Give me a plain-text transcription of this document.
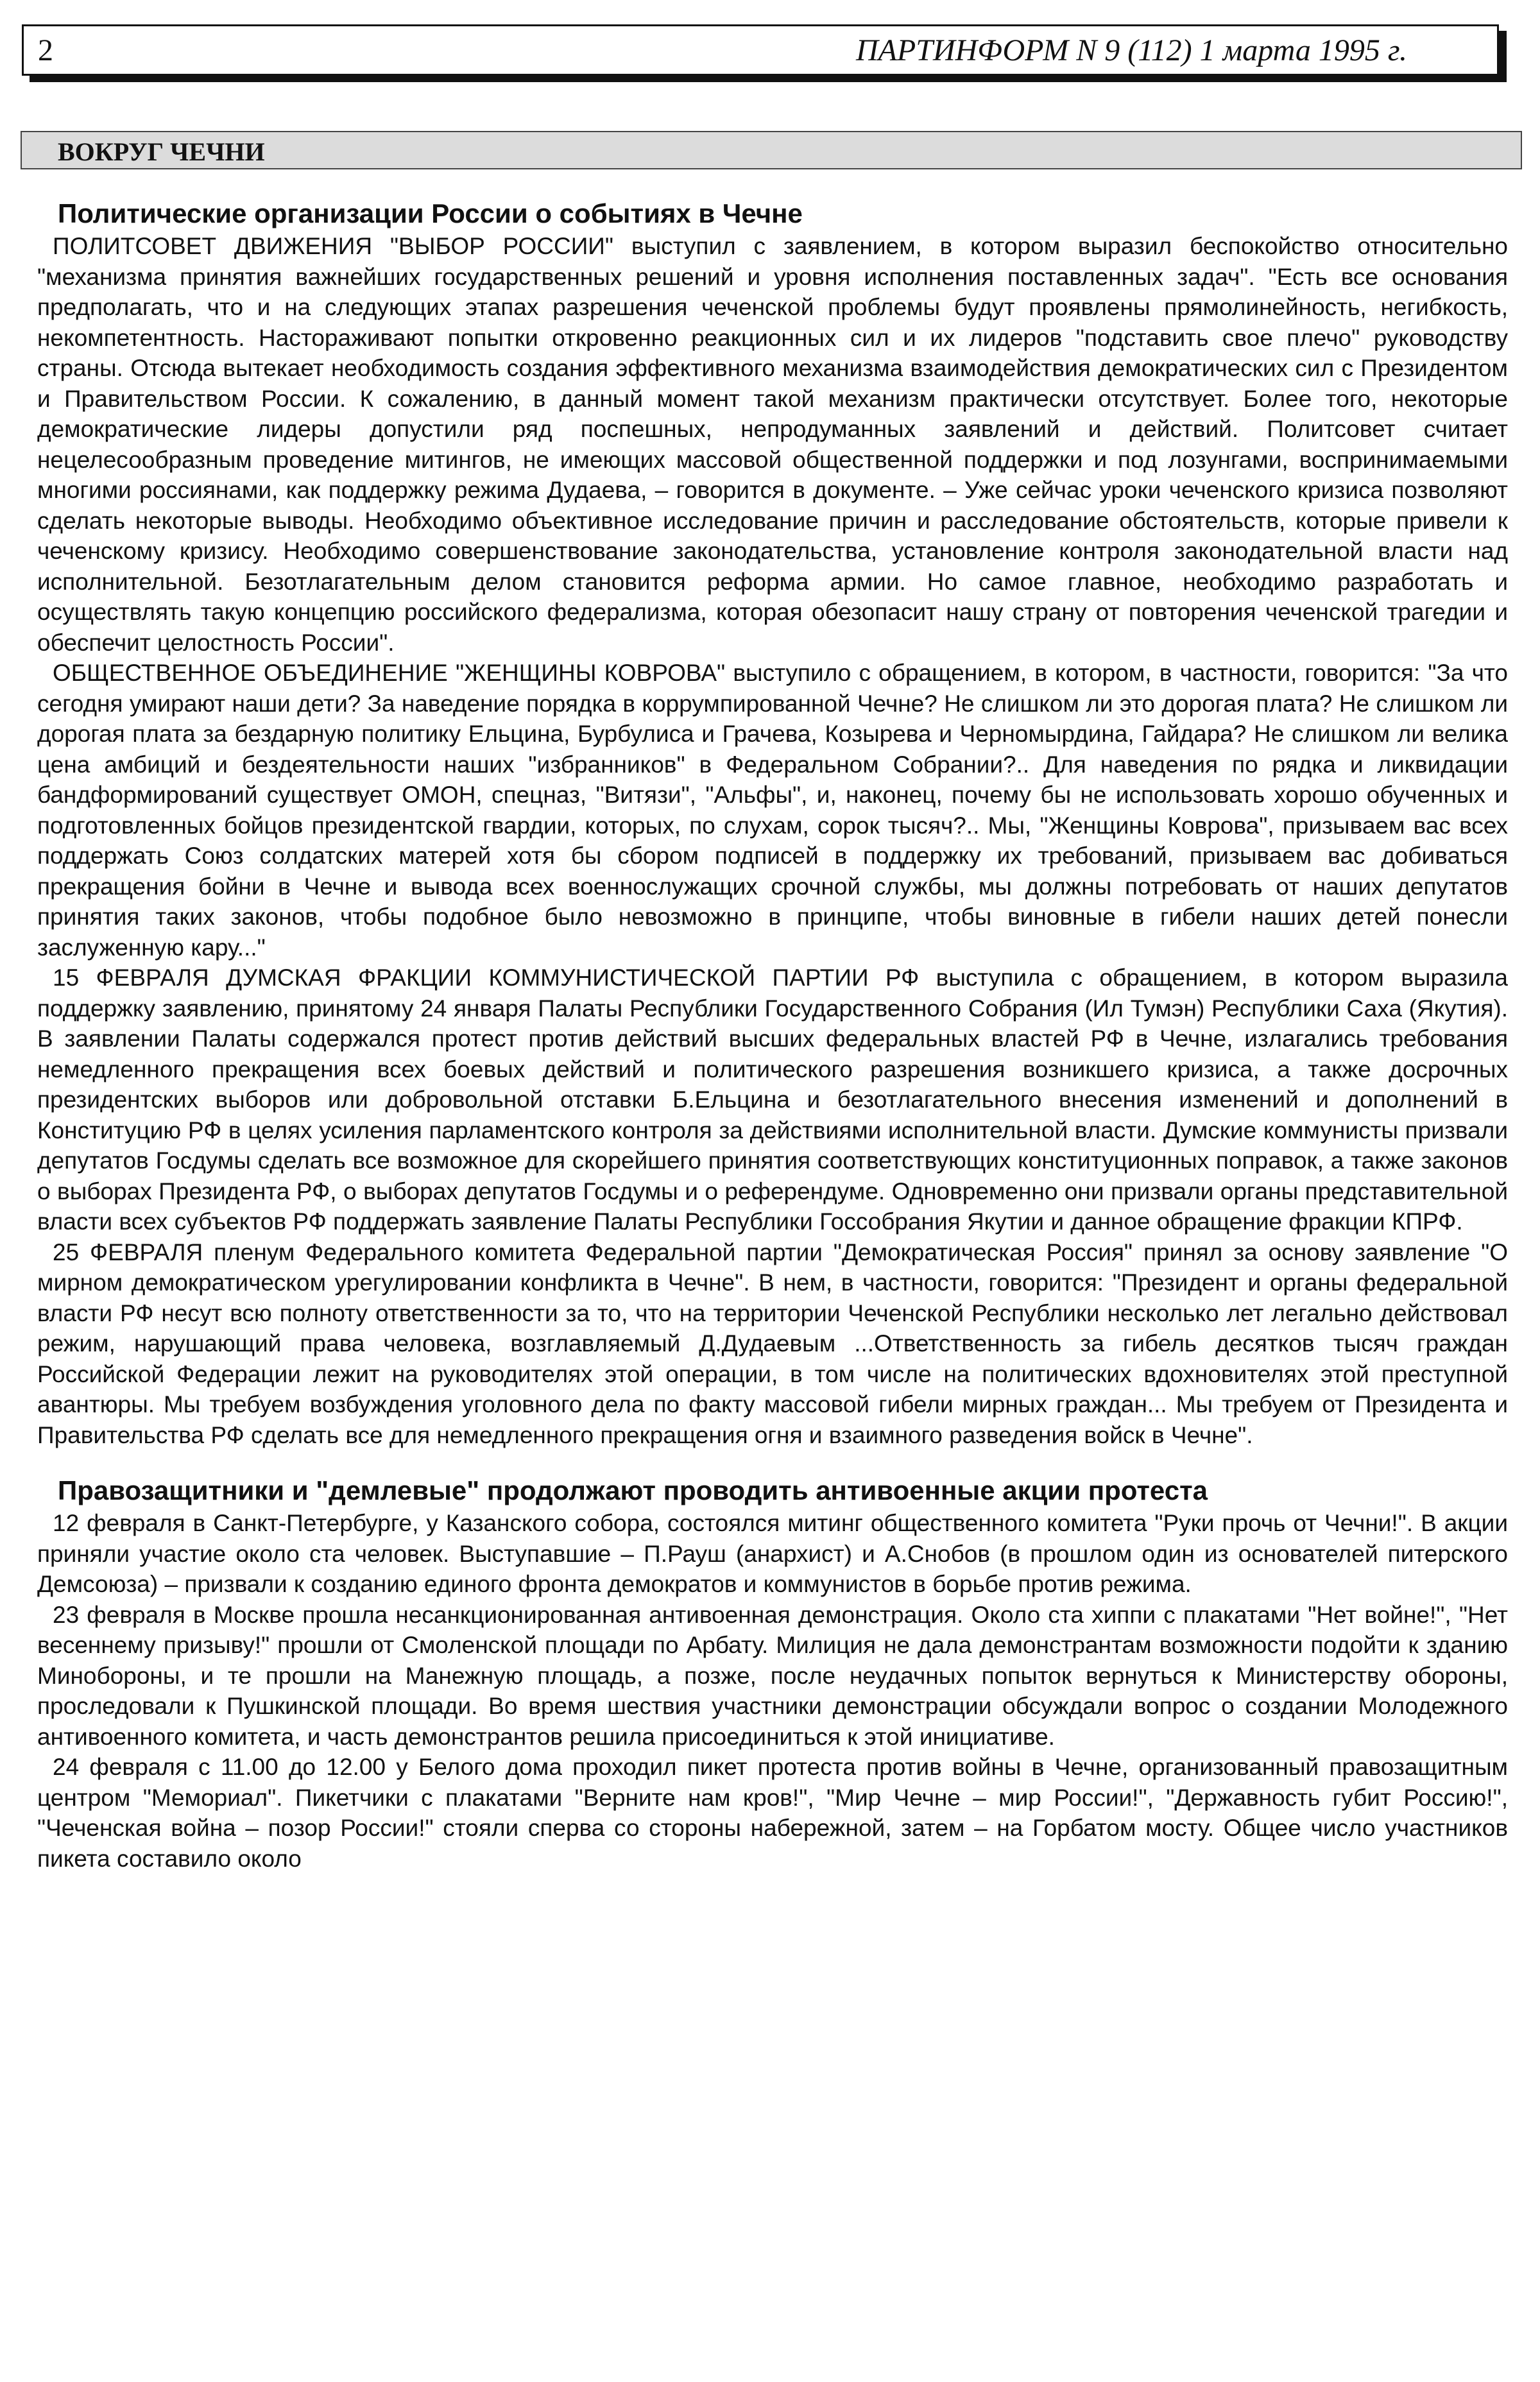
2	ПАРТИНФОРМ N 9 (112) 1 марта 1995 г.
ВОКРУГ ЧЕЧНИ
Политические организации России о событиях в Чечне

ПОЛИТСОВЕТ ДВИЖЕНИЯ "ВЫБОР РОССИИ" выступил с заявлением, в котором выразил беспокойство относительно "механизма принятия важнейших государственных решений и уровня исполнения поставленных задач". "Есть все основания предполагать, что и на следующих этапах разрешения чеченской проблемы будут проявлены прямолинейность, негибкость, некомпетентность. Настораживают попытки откровенно реакционных сил и их лидеров "подставить свое плечо" руководству страны. Отсюда вытекает необходимость создания эффективного механизма взаимодействия демократических сил с Президентом и Правительством России. К сожалению, в данный момент такой механизм практически отсутствует. Более того, некоторые демократические лидеры допустили ряд поспешных, непродуманных заявлений и действий. Политсовет считает нецелесообразным проведение митингов, не имеющих массовой общественной поддержки и под лозунгами, воспринимаемыми многими россиянами, как поддержку режима Дудаева, – говорится в документе. – Уже сейчас уроки чеченского кризиса позволяют сделать некоторые выводы. Необходимо объективное исследование причин и расследование обстоятельств, которые привели к чеченскому кризису. Необходимо совершенствование законодательства, установление контроля законодательной власти над исполнительной. Безотлагательным делом становится реформа армии. Но самое главное, необходимо разработать и осуществлять такую концепцию российского федерализма, которая обезопасит нашу страну от повторения чеченской трагедии и обеспечит целостность России".

ОБЩЕСТВЕННОЕ ОБЪЕДИНЕНИЕ "ЖЕНЩИНЫ КОВРОВА" выступило с обращением, в котором, в частности, говорится: "За что сегодня умирают наши дети? За наведение порядка в коррумпированной Чечне? Не слишком ли это дорогая плата? Не слишком ли дорогая плата за бездарную политику Ельцина, Бурбулиса и Грачева, Козырева и Черномырдина, Гайдара? Не слишком ли велика цена амбиций и бездеятельности наших "избранников" в Федеральном Собрании?.. Для наведения по рядка и ликвидации бандформирований существует ОМОН, спецназ, "Витязи", "Альфы", и, наконец, почему бы не использовать хорошо обученных и подготовленных бойцов президентской гвардии, которых, по слухам, сорок тысяч?.. Мы, "Женщины Коврова", призываем вас всех поддержать Союз солдатских матерей хотя бы сбором подписей в поддержку их требований, призываем вас добиваться прекращения бойни в Чечне и вывода всех военнослужащих срочной службы, мы должны потребовать от наших депутатов принятия таких законов, чтобы подобное было невозможно в принципе, чтобы виновные в гибели наших детей понесли заслуженную кару..."

15 ФЕВРАЛЯ ДУМСКАЯ ФРАКЦИИ КОММУНИСТИЧЕСКОЙ ПАРТИИ РФ выступила с обращением, в котором выразила поддержку заявлению, принятому 24 января Палаты Республики Государственного Собрания (Ил Тумэн) Республики Саха (Якутия). В заявлении Палаты содержался протест против действий высших федеральных властей РФ в Чечне, излагались требования немедленного прекращения всех боевых действий и политического разрешения возникшего кризиса, а также досрочных президентских выборов или добровольной отставки Б.Ельцина и безотлагательного внесения изменений и дополнений в Конституцию РФ в целях усиления парламентского контроля за действиями исполнительной власти. Думские коммунисты призвали депутатов Госдумы сделать все возможное для скорейшего принятия соответствующих конституционных поправок, а также законов о выборах Президента РФ, о выборах депутатов Госдумы и о референдуме. Одновременно они призвали органы представительной власти всех субъектов РФ поддержать заявление Палаты Республики Госсобрания Якутии и данное обращение фракции КПРФ.

25 ФЕВРАЛЯ пленум Федерального комитета Федеральной партии "Демократическая Россия" принял за основу заявление "О мирном демократическом урегулировании конфликта в Чечне". В нем, в частности, говорится: "Президент и органы федеральной власти РФ несут всю полноту ответственности за то, что на территории Чеченской Республики несколько лет легально действовал режим, нарушающий права человека, возглавляемый Д.Дудаевым ...Ответственность за гибель десятков тысяч граждан Российской Федерации лежит на руководителях этой операции, в том числе на политических вдохновителях этой преступной авантюры. Мы требуем возбуждения уголовного дела по факту массовой гибели мирных граждан... Мы требуем от Президента и Правительства РФ сделать все для немедленного прекращения огня и взаимного разведения войск в Чечне".

Правозащитники и "демлевые" продолжают проводить антивоенные акции протеста

12 февраля в Санкт-Петербурге, у Казанского собора, состоялся митинг общественного комитета "Руки прочь от Чечни!". В акции приняли участие около ста человек. Выступавшие – П.Рауш (анархист) и А.Снобов (в прошлом один из основателей питерского Демсоюза) – призвали к созданию единого фронта демократов и коммунистов в борьбе против режима.

23 февраля в Москве прошла несанкционированная антивоенная демонстрация. Около ста хиппи с плакатами "Нет войне!", "Нет весеннему призыву!" прошли от Смоленской площади по Арбату. Милиция не дала демонстрантам возможности подойти к зданию Минобороны, и те прошли на Манежную площадь, а позже, после неудачных попыток вернуться к Министерству обороны, проследовали к Пушкинской площади. Во время шествия участники демонстрации обсуждали вопрос о создании Молодежного антивоенного комитета, и часть демонстрантов решила присоединиться к этой инициативе.

24 февраля с 11.00 до 12.00 у Белого дома проходил пикет протеста против войны в Чечне, организованный правозащитным центром "Мемориал". Пикетчики с плакатами "Верните нам кров!", "Мир Чечне – мир России!", "Державность губит Россию!", "Чеченская война – позор России!" стояли сперва со стороны набережной, затем – на Горбатом мосту. Общее число участников пикета составило около
